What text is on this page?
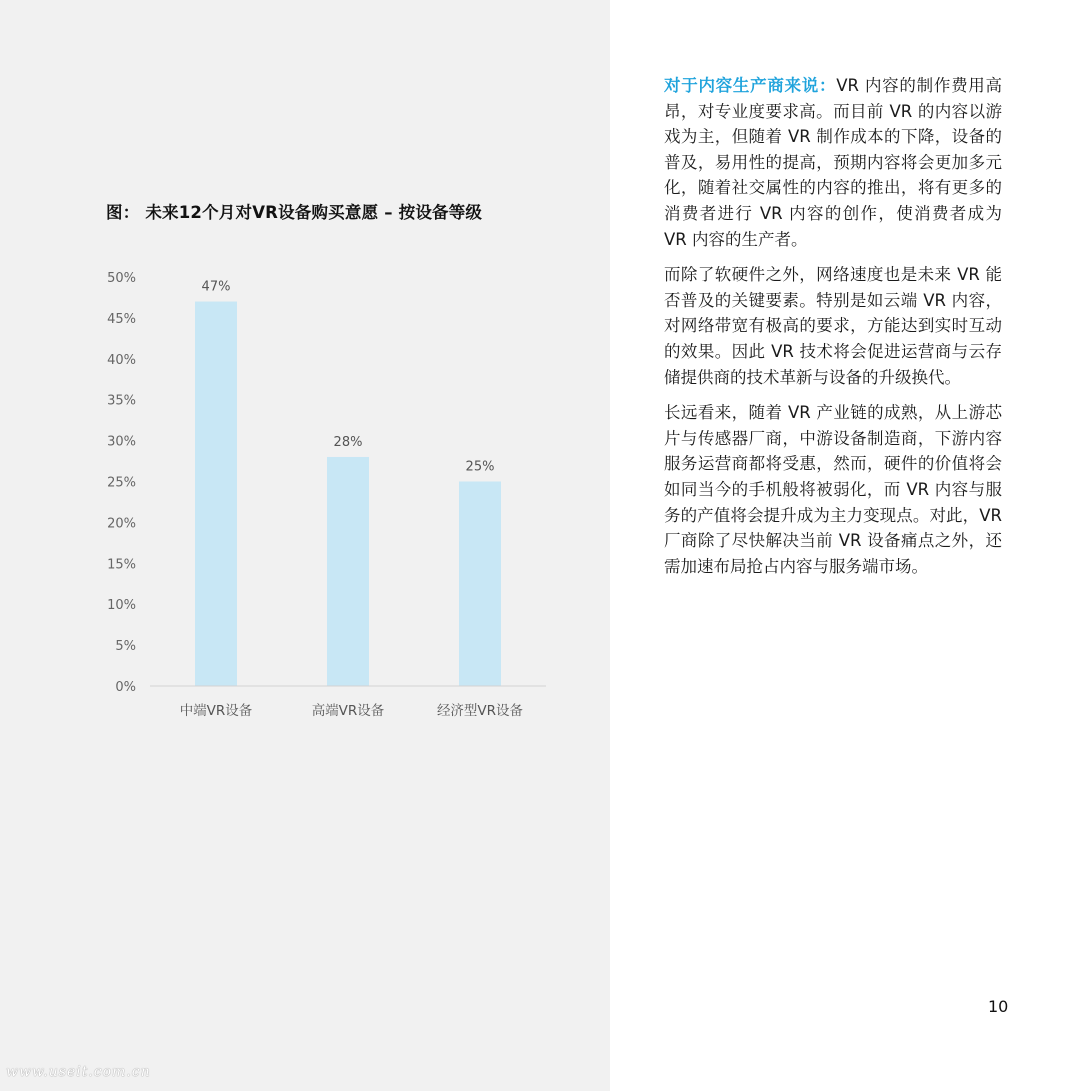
图： 未来12个月对VR设备购买意愿 – 按设备等级
0%
5%
10%
15%
20%
25%
30%
35%
40%
45%
50%
47%
28%
25%
中端VR设备	高端VR设备	经济型VR设备

对于内容生产商来说：VR 内容的制作费用高昂，对专业度要求高。而目前 VR 的内容以游戏为主，但随着 VR 制作成本的下降，设备的普及，易用性的提高，预期内容将会更加多元化，随着社交属性的内容的推出，将有更多的消费者进行 VR 内容的创作，使消费者成为 VR 内容的生产者。

而除了软硬件之外，网络速度也是未来 VR 能否普及的关键要素。特别是如云端 VR 内容，对网络带宽有极高的要求，方能达到实时互动的效果。因此 VR 技术将会促进运营商与云存储提供商的技术革新与设备的升级换代。

长远看来，随着 VR 产业链的成熟，从上游芯片与传感器厂商，中游设备制造商，下游内容服务运营商都将受惠，然而，硬件的价值将会如同当今的手机般将被弱化，而 VR 内容与服务的产值将会提升成为主力变现点。对此，VR 厂商除了尽快解决当前 VR 设备痛点之外，还需加速布局抢占内容与服务端市场。

10
www.useit.com.cn
